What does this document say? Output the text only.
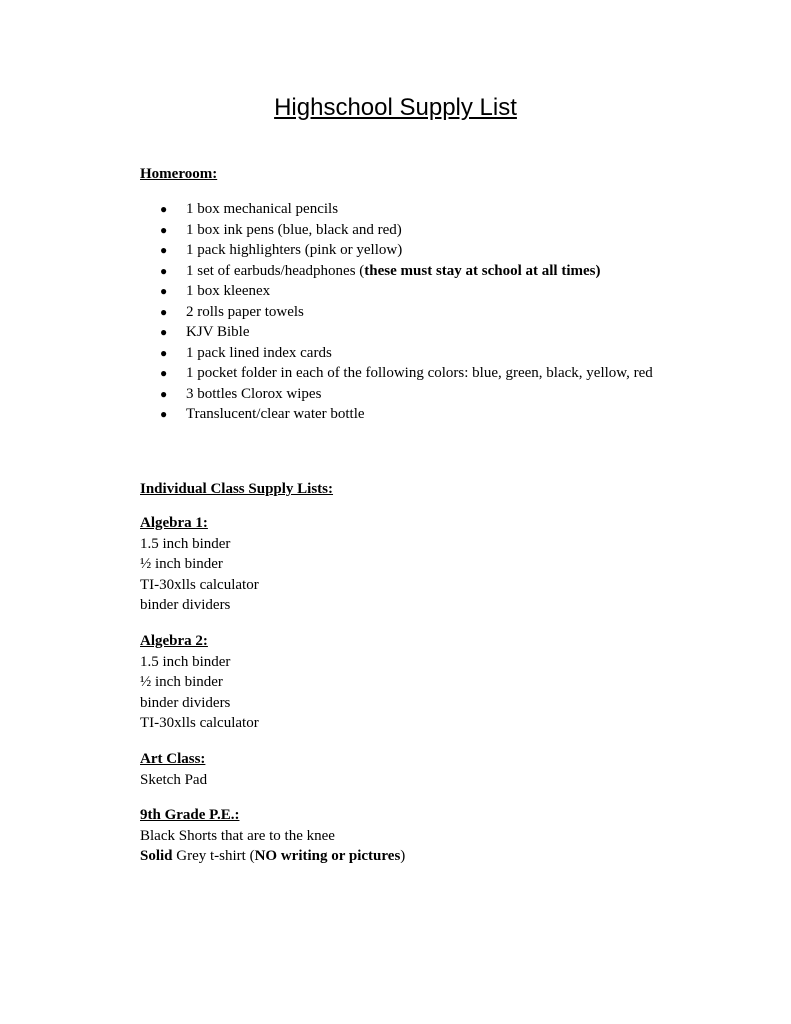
Highschool Supply List
Homeroom:
● 1 box mechanical pencils
● 1 box ink pens (blue, black and red)
● 1 pack highlighters (pink or yellow)
● 1 set of earbuds/headphones (these must stay at school at all times)
● 1 box kleenex
● 2 rolls paper towels
● KJV Bible
● 1 pack lined index cards
● 1 pocket folder in each of the following colors: blue, green, black, yellow, red
● 3 bottles Clorox wipes
● Translucent/clear water bottle
Individual Class Supply Lists:
Algebra 1:
1.5 inch binder
½ inch binder
TI-30xlls calculator
binder dividers
Algebra 2:
1.5 inch binder
½ inch binder
binder dividers
TI-30xlls calculator
Art Class:
Sketch Pad
9th Grade P.E.:
Black Shorts that are to the knee
Solid Grey t-shirt (NO writing or pictures)
